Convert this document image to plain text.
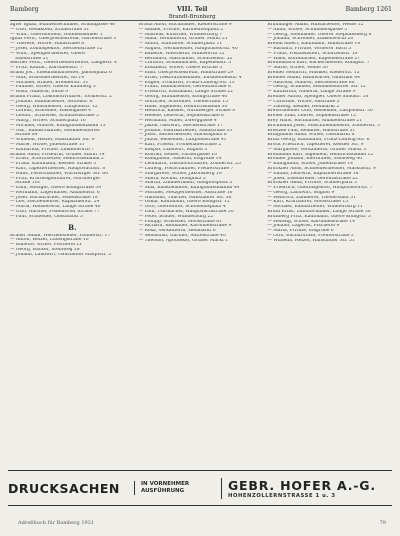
Bamberg	VIII. Teil
Brandt-Brunberg
Bamberg 1261
agter Ignaz, Bühnentechniker, Schildgasse 46
— Otto, Redakteur, Kramstraße 31
— Wilh., Obermonteur, Gundelsheimer 1
Ignaz Ferd., Oberpostsekretär, Gartenstraße 5
— Therese, Witwe, Hainstraße 8
— Josef, Zollinspektor, Siechenstraße 12
— Wilh., Spenglermeister, Obere
Sandstraße 21
Reicher Ferd., Gewerbeoberlehrer, Langestr. 4
— Fritz, Kaufm., Karolinenstr. 7
Brand Jos., Eisenbahnarbeiter, Jakobsplatz 6
— Max, Schreinermeister, Au 14
— Michael, Brauer, Brennerstr. 31
— Pauline, Witwe, Oberer Kaulberg 3
— Rosa, Näherin, Sutte 9
Brandl Franz, Lokomotivführer, Tocklerstr. 2
— Johann, Bahnarbeiter, Mittelstr. 6
— Georg, Hausmeister, Luitpoldstr. 12
— Lorenz, Schreiner, Hasengasse 4
— Leonh., Schlosser, Schützenstraße 3
— Marg., Witwe, Schillerplatz 16
— Michael, Maurer, Kunigundendamm 15
— Nik., Bahnschaffner, Memmelsdorfer
Straße 84
— Wilhelm, Heizer, Hallstadter Str. 9
— Marie, Witwe, Judenstraße 11
— Katharina, Private, Zinkenwörth 7
Brandt Anna, Friseurin, Grüner Markt 14
— Ernst, Schriftsetzer, Heinrichsdamm 2
— Franz, Kaufmann, Kessler Straße 5
— Karl, Tapeziermeister, Hauptwachstr. 8
— Hans, Postschaffner, Würzburger Str. 60
— Fritz, Kraftwagenführer, Nürnberger
Straße 101
— Emil, Metzger, Obere Königstraße 39
— Hermann, Lagerhalter, Amalienstr. 6
— Josef, Buchdrucker, Sodenstraße 18
— Leo, Zeichenlehrer, Kapuzinerstr. 24
— Maria, Hausiererin, Lange Straße 40
— Otto, Gärtner, Pödeldorfer Straße 77
— Paul, Schneider, Obstmarkt 3
B.
Brauer Adam, Weichensteller, Zollnerstr. 17
— Anton, Heizer, Ludwigstraße 10
— Babette, Witwe, Fischerei 21
— Georg, Bäcker, Steinweg 28
— Johann, Landwirt, Gaustadter Hauptstr. 5
Braun Adolf, Buchbinder, Kleberstraße 9
— Amalie, Private, Karmelitenplatz 2
— Andreas, Kutscher, Wunderburg 7
— Anna, Verkäuferin, Grüner Markt 21
— Anton, Stadtbote, Schillerplatz 11
— August, Werkmeister, Hauptsmoorstr. 40
— Babette, Wäscherin, Mühlwörth 12
— Bernhard, Maschinist, Schützenstr. 52
— Christof, Schuhmacher, Kapellenstr. 5
— Elisabeth, Witwe, Obere Brücke 3
— Emil, Oberpostsekretär, Hainstraße 29
— Ernst, Dekorationsmaler, Elisabethenstr. 4
— Eugen, Prokurist, Franz-Ludwig-Str. 13
— Franz, Bahnarbeiter, Gereuthstraße 8
— Friedrich, Kaufmann, Lange Straße 22
— Georg, Braumeister, Königstraße 46
— Gottfried, Schreiner, Theuerstadt 15
— Hans, Ingenieur, Heinrichsdamm 30
— Heinrich, Kassier, Nürnberger Straße 9
— Helene, Lehrerin, Sophienstraße 6
— Hermann, Maler, Zwerggasse 4
— Jakob, Gastwirt, Siechenstraße 17
— Johann, Fabrikarbeiter, Sandstraße 33
— Josef, Sattlermeister, Markusplatz 8
— Julius, Reisender, Luitpoldstraße 41
— Karl, Friseur, Promenadestraße 2
— Kaspar, Landwirt, Bughof 3
— Konrad, Heizer, Färbergasse 10
— Kunigunda, Näherin, Eisgrube 14
— Leonhard, Lokomotivführer, Zollnerstr. 25
— Ludwig, Postschaffner, Pfeuferstraße 7
— Margarete, Witwe, Jakobsberg 19
— Maria, Köchin, Domplatz 5
— Martin, Zimmermann, Gangolfsplatz 3
— Max, Bankbeamter, Kunigundendamm 44
— Michael, Metzgermeister, Austraße 16
— Nikolaus, Tüncher, Hallstadter Str. 38
— Oskar, Kaufmann, Obere Königstr. 12
— Otto, Oberlehrer, Schönleinsplatz 4
— Paul, Uhrmacher, Hauptwachstraße 20
— Peter, Brauer, Wunderburg 22
— Philipp, Schlosser, Moosstraße 61
— Richard, Bildhauer, Karolinenstraße 9
— Rosa, Verkäuferin, Heumarkt 6
— Sebastian, Gärtner, Mittelstraße 40
— Theodor, Apotheker, Grüner Markt 1
Bräuninger Adam, Hilfsarbeiter, Weide 12
— Anna, Witwe, Schimmelsgasse 3
— Georg, Steinhauer, Oberer Stephansberg 8
— Johann, Schreiner, Zinkenwörth 20
Brehm Albert, Kaufmann, Hainstraße 14
— Barbara, Private, Vorderer Bach 5
— Franz, Postassistent, Schützenstr. 19
— Hans, Korbmacher, Kapellenstraße 27
Breitenbach Karl, Bäckermeister, Königstr. 7
— Marie, Witwe, Weide 30
Bremer Heinrich, Musiker, Kleberstr. 15
Brendel Adam, Bahnwärter, Gaustadt 44
— Andreas, Maurer, Siechenstraße 60
— Georg, Schmied, Memmelsdorfer Str. 12
— Katharina, Näherin, Lange Straße 9
Brenner Anton, Spengler, Obere Sandstr. 18
— Christine, Witwe, Austraße 3
— Ludwig, Kellner, Heumarkt 2
Bretschneider Otto, Reisender, Luitpoldstr. 30
Breuer Emil, Lehrer, Sophienstraße 12
Brey Hans, Buchhalter, Amalienstraße 21
Brickmann Josef, Maschinenmeister, Zollnerstr. 3
Brietzke Paul, Beamter, Hainstraße 51
Bringmann Anna, Witwe, Obstmarkt 8
Brinz Georg, Kaufmann, Franz-Ludwig-Str. 6
Brock Friedrich, Tapezierer, Kessler Str. 9
— Margarete, Verkäuferin, Grüner Markt 5
Brodmann Karl, Ingenieur, Heinrichsdamm 12
Brönner Johann, Bierbrauer, Steinweg 40
— Kunigunda, Witwe, Judenstraße 14
Bruckner Alois, Schneidermeister, Markusstr. 9
— Emma, Lehrerin, Kapuzinerstraße 18
— Josef, Eisendreher, Gereuthstraße 22
Brückner Anna, Private, Schillerplatz 3
— Friedrich, Oberinspektor, Hauptsmoorstr. 7
— Georg, Landwirt, Bughof 9
— Heinrich, Zimmerer, Theuerstadt 31
— Karl, Kraftfahrer, Moosstraße 15
— Michael, Bahnarbeiter, Wunderburg 11
Brühl Ernst, Zahntechniker, Lange Straße 30
Brunberg Fritz, Kaufmann, Obere Königstr. 3
— Hedwig, Witwe, Karolinenstraße 14
— Johann, Lagerist, Fischerei 9
— Maria, Private, Eisgrube 6
— Otto, Buchdrucker, Pfeuferstraße 2
— Wilhelm, Heizer, Hallstadter Str. 51
DRUCKSACHEN	IN VORNEHMER
AUSFÜHRUNG	GEBR. HOFER A.-G.
HOHENZOLLERNSTRASSE 1 u. 3
Adreßbuch für Bamberg 1931	79
